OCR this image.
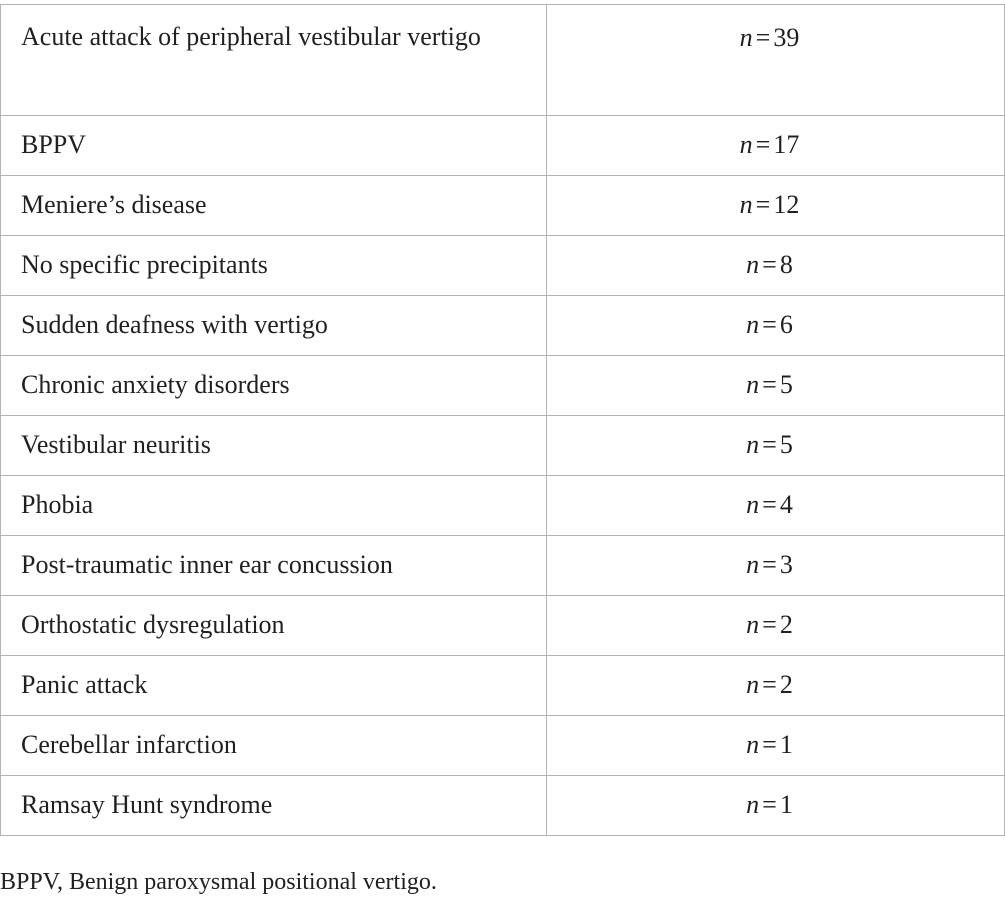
Acute attack of peripheral vestibular vertigo	n = 39
BPPV	n = 17
Meniere’s disease	n = 12
No specific precipitants	n = 8
Sudden deafness with vertigo	n = 6
Chronic anxiety disorders	n = 5
Vestibular neuritis	n = 5
Phobia	n = 4
Post-traumatic inner ear concussion	n = 3
Orthostatic dysregulation	n = 2
Panic attack	n = 2
Cerebellar infarction	n = 1
Ramsay Hunt syndrome	n = 1
BPPV, Benign paroxysmal positional vertigo.
